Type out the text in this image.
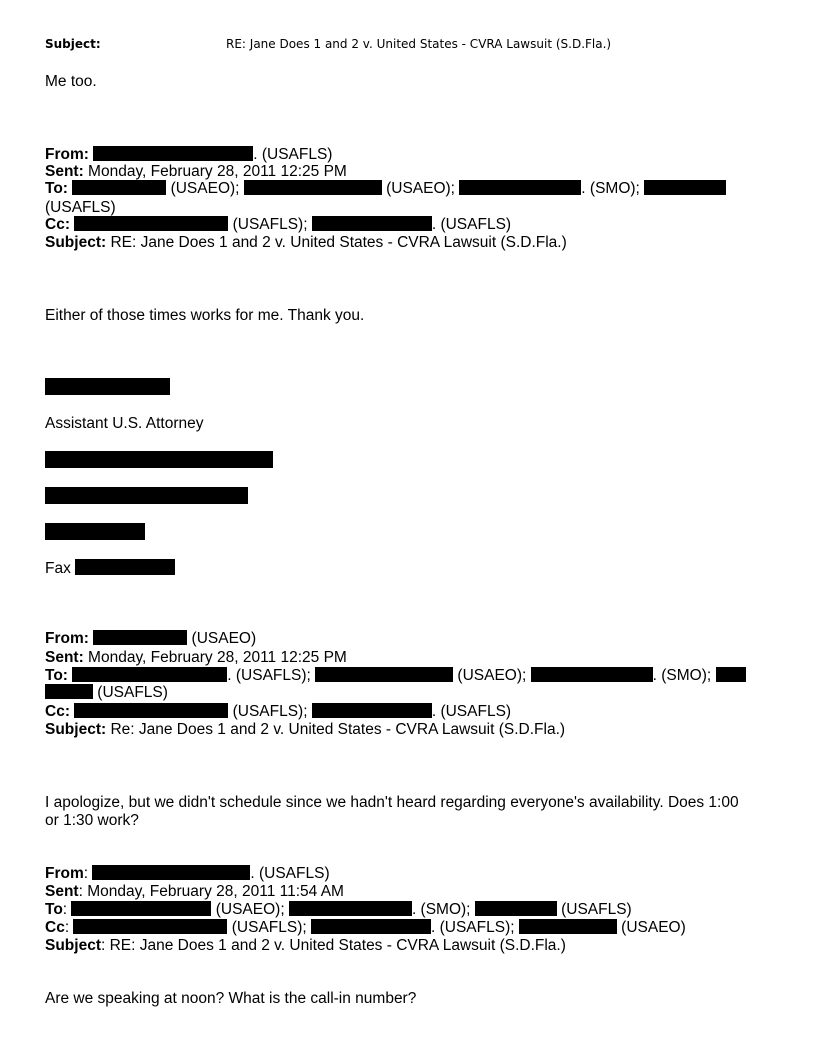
Subject:	RE: Jane Does 1 and 2 v. United States - CVRA Lawsuit (S.D.Fla.)
Me too.
From:	. (USAFLS)
Sent: Monday, February 28, 2011 12:25 PM
To:	(USAEO);	(USAEO);	. (SMO);
(USAFLS)
Cc:	(USAFLS);	. (USAFLS)
Subject: RE: Jane Does 1 and 2 v. United States - CVRA Lawsuit (S.D.Fla.)
Either of those times works for me. Thank you.
Assistant U.S. Attorney
Fax
From:	(USAEO)
Sent: Monday, February 28, 2011 12:25 PM
To:	. (USAFLS);	(USAEO);	. (SMO);
(USAFLS)
Cc:	(USAFLS);	. (USAFLS)
Subject: Re: Jane Does 1 and 2 v. United States - CVRA Lawsuit (S.D.Fla.)
I apologize, but we didn't schedule since we hadn't heard regarding everyone's availability. Does 1:00
or 1:30 work?
From:	. (USAFLS)
Sent: Monday, February 28, 2011 11:54 AM
To:	(USAEO);	. (SMO);	(USAFLS)
Cc:	(USAFLS);	. (USAFLS);	(USAEO)
Subject: RE: Jane Does 1 and 2 v. United States - CVRA Lawsuit (S.D.Fla.)
Are we speaking at noon? What is the call-in number?
